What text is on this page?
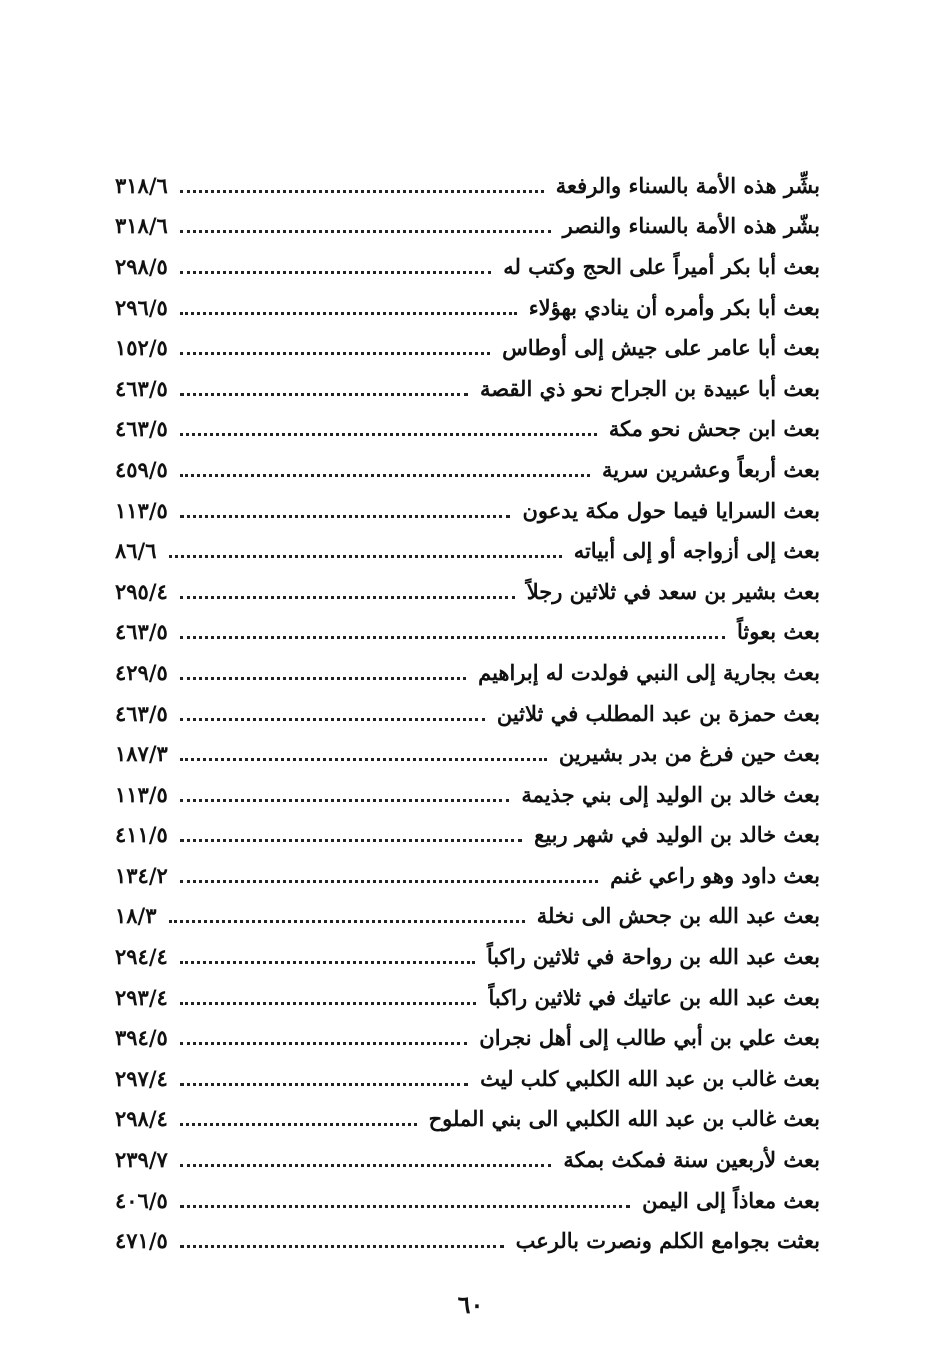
بشِّر هذه الأمة بالسناء والرفعة
٣١٨/٦
بشّر هذه الأمة بالسناء والنصر
٣١٨/٦
بعث أبا بكر أميراً على الحج وكتب له
٢٩٨/٥
بعث أبا بكر وأمره أن ينادي بهؤلاء
٢٩٦/٥
بعث أبا عامر على جيش إلى أوطاس
١٥٢/٥
بعث أبا عبيدة بن الجراح نحو ذي القصة
٤٦٣/٥
بعث ابن جحش نحو مكة
٤٦٣/٥
بعث أربعاً وعشرين سرية
٤٥٩/٥
بعث السرايا فيما حول مكة يدعون
١١٣/٥
بعث إلى أزواجه أو إلى أبياته
٨٦/٦
بعث بشير بن سعد في ثلاثين رجلاً
٢٩٥/٤
بعث بعوثاً
٤٦٣/٥
بعث بجارية إلى النبي فولدت له إبراهيم
٤٢٩/٥
بعث حمزة بن عبد المطلب في ثلاثين
٤٦٣/٥
بعث حين فرغ من بدر بشيرين
١٨٧/٣
بعث خالد بن الوليد إلى بني جذيمة
١١٣/٥
بعث خالد بن الوليد في شهر ربيع
٤١١/٥
بعث داود وهو راعي غنم
١٣٤/٢
بعث عبد الله بن جحش الى نخلة
١٨/٣
بعث عبد الله بن رواحة في ثلاثين راكباً
٢٩٤/٤
بعث عبد الله بن عاتيك في ثلاثين راكباً
٢٩٣/٤
بعث علي بن أبي طالب إلى أهل نجران
٣٩٤/٥
بعث غالب بن عبد الله الكلبي كلب ليث
٢٩٧/٤
بعث غالب بن عبد الله الكلبي الى بني الملوح
٢٩٨/٤
بعث لأربعين سنة فمكث بمكة
٢٣٩/٧
بعث معاذاً إلى اليمن
٤٠٦/٥
بعثت بجوامع الكلم ونصرت بالرعب
٤٧١/٥
٦٠
